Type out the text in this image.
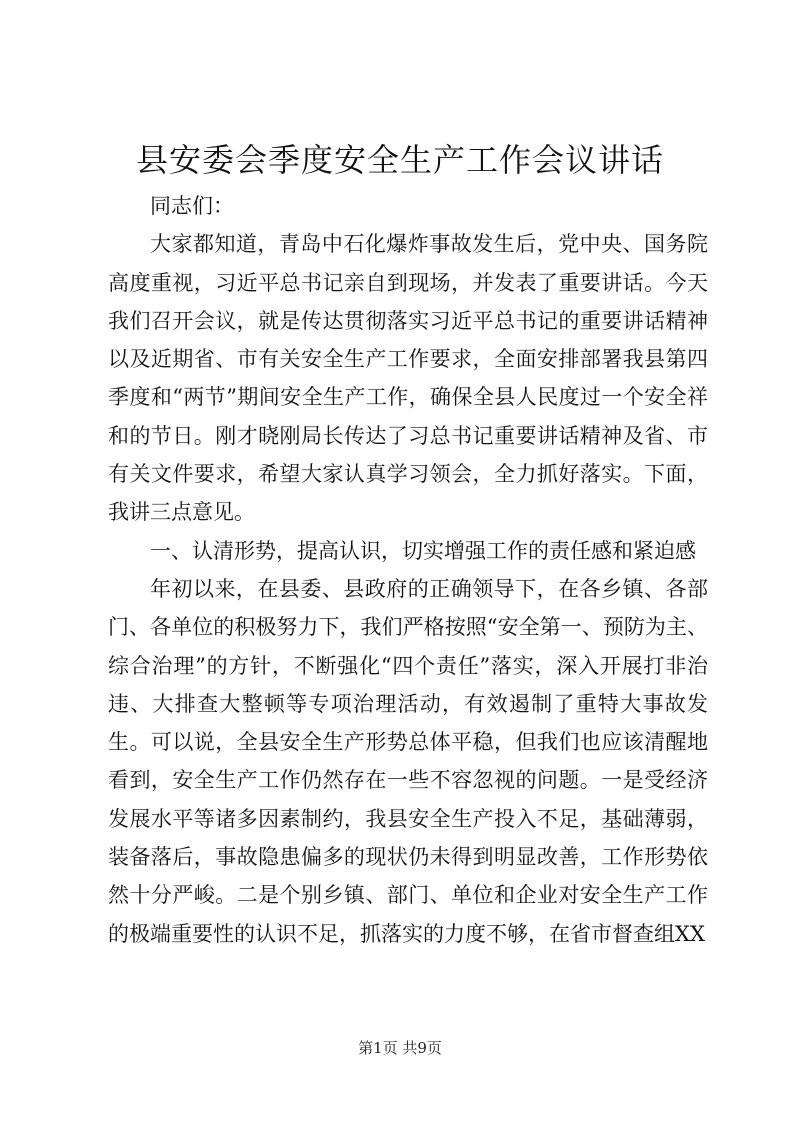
县安委会季度安全生产工作会议讲话

同志们：

大家都知道，青岛中石化爆炸事故发生后，党中央、国务院高度重视，习近平总书记亲自到现场，并发表了重要讲话。今天我们召开会议，就是传达贯彻落实习近平总书记的重要讲话精神以及近期省、市有关安全生产工作要求，全面安排部署我县第四季度和“两节”期间安全生产工作，确保全县人民度过一个安全祥和的节日。刚才晓刚局长传达了习总书记重要讲话精神及省、市有关文件要求，希望大家认真学习领会，全力抓好落实。下面，我讲三点意见。

一、认清形势，提高认识，切实增强工作的责任感和紧迫感

年初以来，在县委、县政府的正确领导下，在各乡镇、各部门、各单位的积极努力下，我们严格按照“安全第一、预防为主、综合治理”的方针，不断强化“四个责任”落实，深入开展打非治违、大排查大整顿等专项治理活动，有效遏制了重特大事故发生。可以说，全县安全生产形势总体平稳，但我们也应该清醒地看到，安全生产工作仍然存在一些不容忽视的问题。一是受经济发展水平等诸多因素制约，我县安全生产投入不足，基础薄弱，装备落后，事故隐患偏多的现状仍未得到明显改善，工作形势依然十分严峻。二是个别乡镇、部门、单位和企业对安全生产工作的极端重要性的认识不足，抓落实的力度不够，在省市督查组XX

第1页 共9页
